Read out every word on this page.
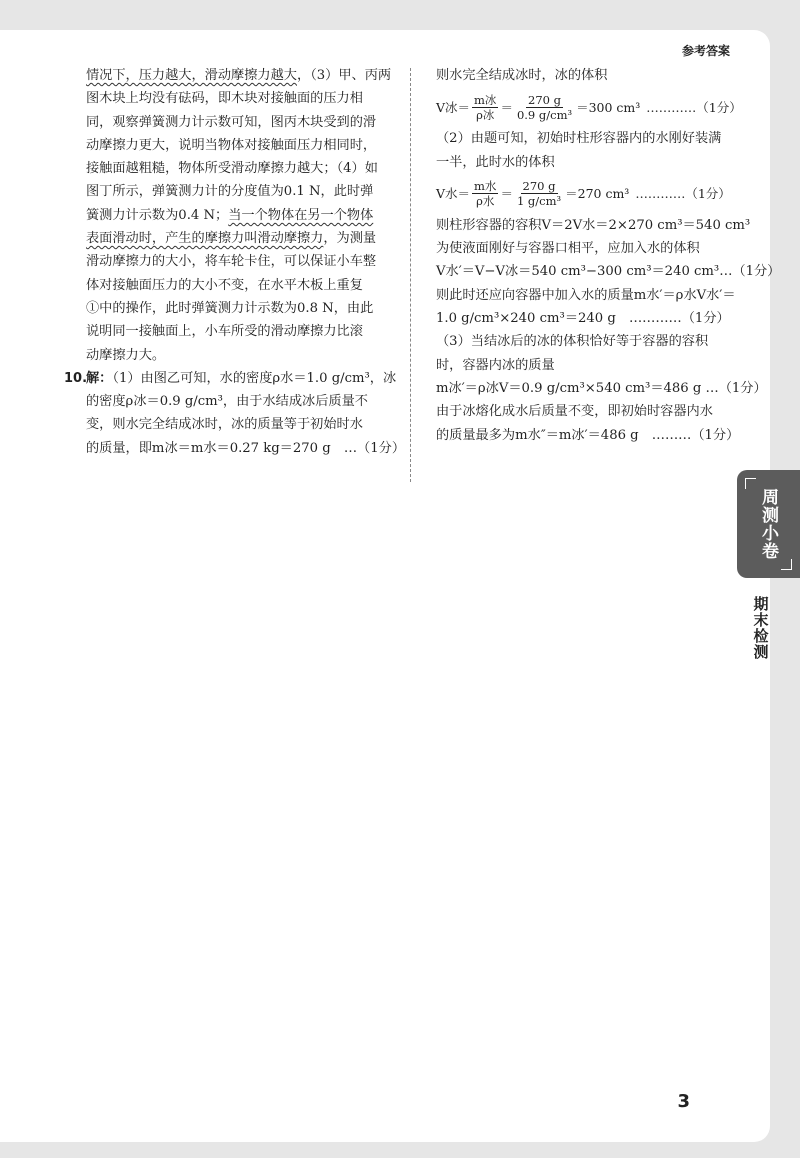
参考答案
情况下，压力越大，滑动摩擦力越大，（3）甲、丙两
图木块上均没有砝码，即木块对接触面的压力相
同，观察弹簧测力计示数可知，图丙木块受到的滑
动摩擦力更大，说明当物体对接触面压力相同时，
接触面越粗糙，物体所受滑动摩擦力越大；（4）如
图丁所示，弹簧测力计的分度值为0.1 N，此时弹
簧测力计示数为0.4 N；当一个物体在另一个物体
表面滑动时，产生的摩擦力叫滑动摩擦力，为测量
滑动摩擦力的大小，将车轮卡住，可以保证小车整
体对接触面压力的大小不变，在水平木板上重复
①中的操作，此时弹簧测力计示数为0.8 N，由此
说明同一接触面上，小车所受的滑动摩擦力比滚
动摩擦力大。
10.
解：（1）由图乙可知，水的密度ρ水＝1.0 g/cm³，冰
的密度ρ冰＝0.9 g/cm³，由于水结成冰后质量不
变，则水完全结成冰时，冰的质量等于初始时水
的质量，即m冰＝m水＝0.27 kg＝270 g　…（1分）
则水完全结成冰时，冰的体积
V冰＝ $\frac{\text{m冰}}{\text{ρ冰}} = \frac{270 g}{\text{0.9 g/cm³}} =300$ cm³ …………（1分）
（2）由题可知，初始时柱形容器内的水刚好装满
一半，此时水的体积
V水＝ $\frac{\text{m水}}{\text{ρ水}} = \frac{270 g}{\text{1 g/cm³}} =270$ cm³ …………（1分）
则柱形容器的容积V＝2V水＝2×270 cm³＝540 cm³
为使液面刚好与容器口相平，应加入水的体积
V水′＝V−V冰＝540 cm³−300 cm³＝240 cm³…（1分）
则此时还应向容器中加入水的质量m水′＝ρ水V水′＝
1.0 g/cm³×240 cm³＝240 g　…………（1分）
（3）当结冰后的冰的体积恰好等于容器的容积
时，容器内冰的质量
m冰′＝ρ冰V＝0.9 g/cm³×540 cm³＝486 g …（1分）
由于冰熔化成水后质量不变，即初始时容器内水
的质量最多为m水″＝m冰′＝486 g　………（1分）
3
周测小卷
期末检测
